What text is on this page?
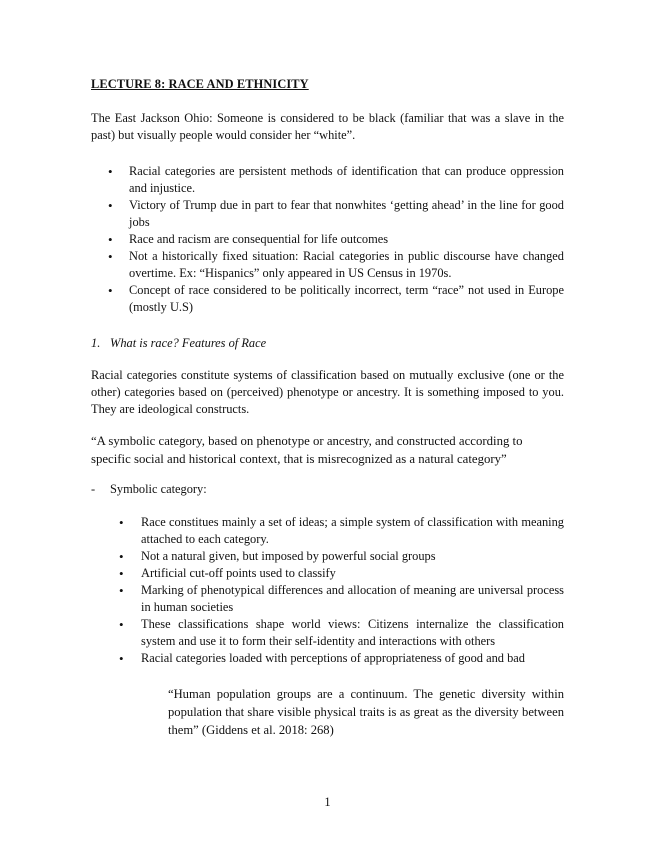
LECTURE 8: RACE AND ETHNICITY
The East Jackson Ohio: Someone is considered to be black (familiar that was a slave in the past) but visually people would consider her “white”.
• Racial categories are persistent methods of identification that can produce oppression and injustice.
• Victory of Trump due in part to fear that nonwhites ‘getting ahead’ in the line for good jobs
• Race and racism are consequential for life outcomes
• Not a historically fixed situation: Racial categories in public discourse have changed overtime. Ex: “Hispanics” only appeared in US Census in 1970s.
• Concept of race considered to be politically incorrect, term “race” not used in Europe (mostly U.S)
1. What is race? Features of Race
Racial categories constitute systems of classification based on mutually exclusive (one or the other) categories based on (perceived) phenotype or ancestry. It is something imposed to you. They are ideological constructs.
“A symbolic category, based on phenotype or ancestry, and constructed according to specific social and historical context, that is misrecognized as a natural category”
- Symbolic category:
• Race constitues mainly a set of ideas; a simple system of classification with meaning attached to each category.
• Not a natural given, but imposed by powerful social groups
• Artificial cut-off points used to classify
• Marking of phenotypical differences and allocation of meaning are universal process in human societies
• These classifications shape world views: Citizens internalize the classification system and use it to form their self-identity and interactions with others
• Racial categories loaded with perceptions of appropriateness of good and bad
“Human population groups are a continuum. The genetic diversity within population that share visible physical traits is as great as the diversity between them” (Giddens et al. 2018: 268)
1
